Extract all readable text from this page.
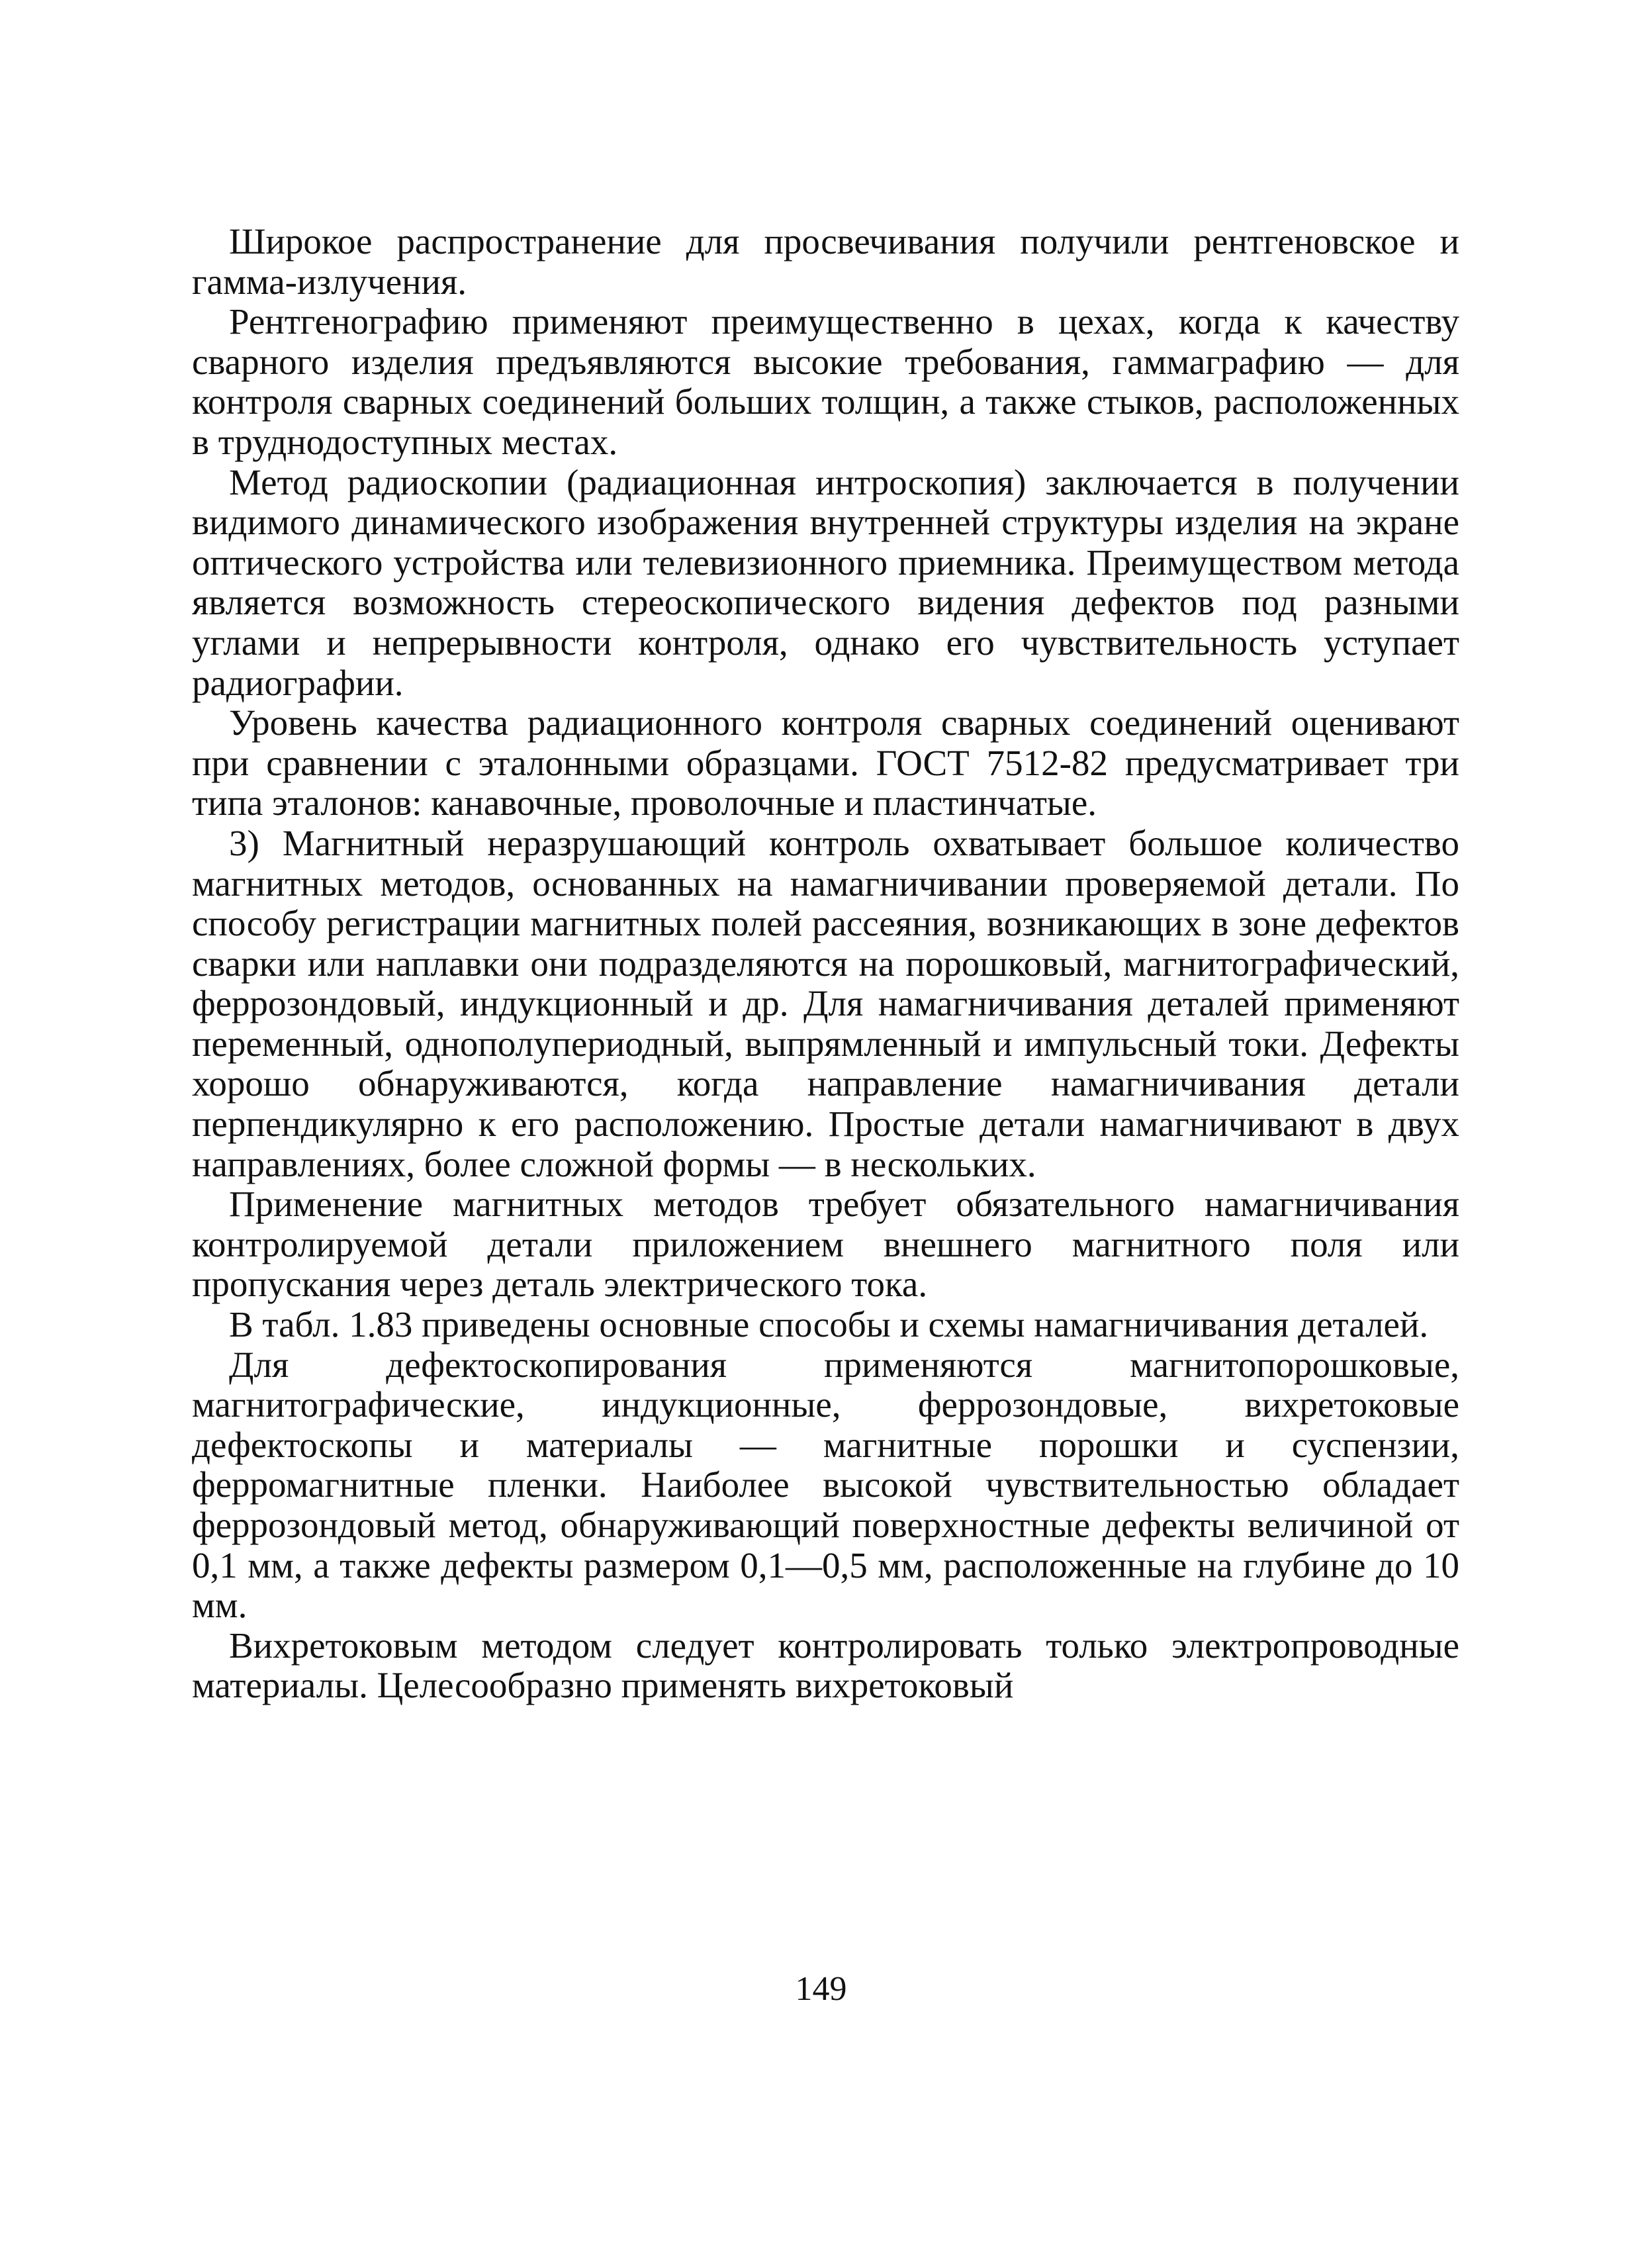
Широкое распространение для просвечивания получили рентгеновское и гамма-излучения.

Рентгенографию применяют преимущественно в цехах, когда к качеству сварного изделия предъявляются высокие требования, гаммаграфию — для контроля сварных соединений больших толщин, а также стыков, расположенных в труднодоступных местах.

Метод радиоскопии (радиационная интроскопия) заключается в получении видимого динамического изображения внутренней структуры изделия на экране оптического устройства или телевизионного приемника. Преимуществом метода является возможность стереоскопического видения дефектов под разными углами и непрерывности контроля, однако его чувствительность уступает радиографии.

Уровень качества радиационного контроля сварных соединений оценивают при сравнении с эталонными образцами. ГОСТ 7512-82 предусматривает три типа эталонов: канавочные, проволочные и пластинчатые.

3) Магнитный неразрушающий контроль охватывает большое количество магнитных методов, основанных на намагничивании проверяемой детали. По способу регистрации магнитных полей рассеяния, возникающих в зоне дефектов сварки или наплавки они подразделяются на порошковый, магнитографический, феррозондовый, индукционный и др. Для намагничивания деталей применяют переменный, однополупериодный, выпрямленный и импульсный токи. Дефекты хорошо обнаруживаются, когда направление намагничивания детали перпендикулярно к его расположению. Простые детали намагничивают в двух направлениях, более сложной формы — в нескольких.

Применение магнитных методов требует обязательного намагничивания контролируемой детали приложением внешнего магнитного поля или пропускания через деталь электрического тока.

В табл. 1.83 приведены основные способы и схемы намагничивания деталей.

Для дефектоскопирования применяются магнитопорошковые, магнитографические, индукционные, феррозондовые, вихретоковые дефектоскопы и материалы — магнитные порошки и суспензии, ферромагнитные пленки. Наиболее высокой чувствительностью обладает феррозондовый метод, обнаруживающий поверхностные дефекты величиной от 0,1 мм, а также дефекты размером 0,1—0,5 мм, расположенные на глубине до 10 мм.

Вихретоковым методом следует контролировать только электропроводные материалы. Целесообразно применять вихретоковый

149
